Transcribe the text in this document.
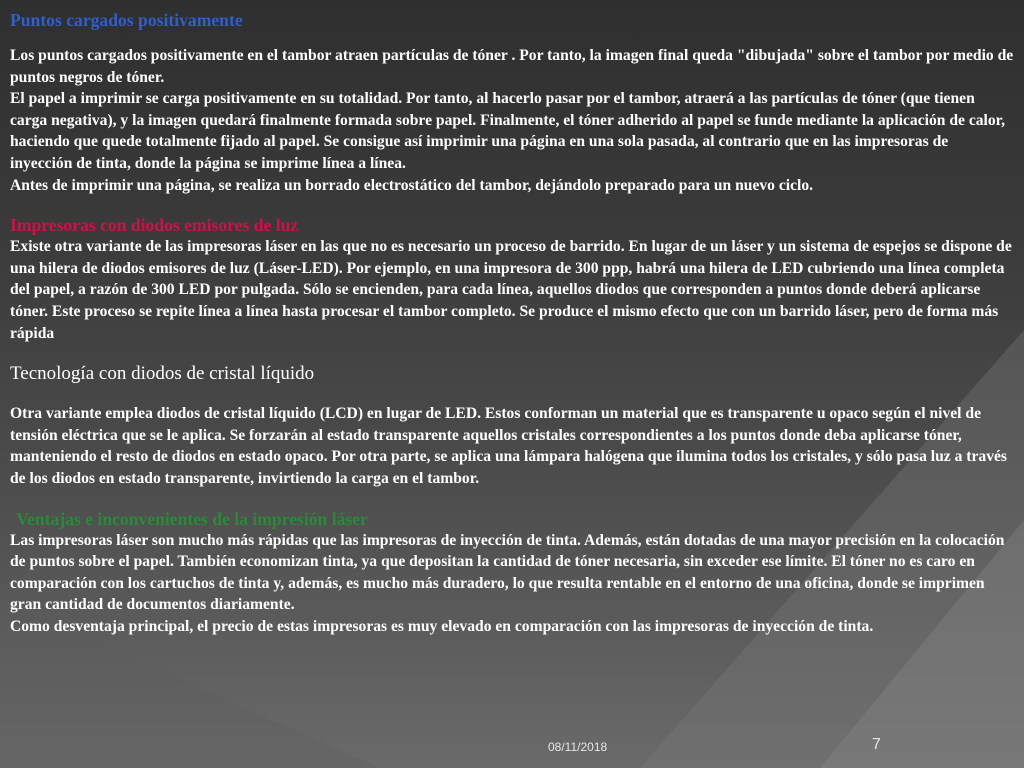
Puntos cargados positivamente

Los puntos cargados positivamente en el tambor atraen partículas de tóner . Por tanto, la imagen final queda "dibujada" sobre el tambor por medio de puntos negros de tóner.

El papel a imprimir se carga positivamente en su totalidad. Por tanto, al hacerlo pasar por el tambor, atraerá a las partículas de tóner (que tienen carga negativa), y la imagen quedará finalmente formada sobre papel. Finalmente, el tóner adherido al papel se funde mediante la aplicación de calor, haciendo que quede totalmente fijado al papel. Se consigue así imprimir una página en una sola pasada, al contrario que en las impresoras de inyección de tinta, donde la página se imprime línea a línea.

Antes de imprimir una página, se realiza un borrado electrostático del tambor, dejándolo preparado para un nuevo ciclo.

Impresoras con diodos emisores de luz

Existe otra variante de las impresoras láser en las que no es necesario un proceso de barrido. En lugar de un láser y un sistema de espejos se dispone de una hilera de diodos emisores de luz (Láser-LED). Por ejemplo, en una impresora de 300 ppp, habrá una hilera de LED cubriendo una línea completa del papel, a razón de 300 LED por pulgada. Sólo se encienden, para cada línea, aquellos diodos que corresponden a puntos donde deberá aplicarse tóner. Este proceso se repite línea a línea hasta procesar el tambor completo. Se produce el mismo efecto que con un barrido láser, pero de forma más rápida

Tecnología con diodos de cristal líquido

Otra variante emplea diodos de cristal líquido (LCD) en lugar de LED. Estos conforman un material que es transparente u opaco según el nivel de tensión eléctrica que se le aplica. Se forzarán al estado transparente aquellos cristales correspondientes a los puntos donde deba aplicarse tóner, manteniendo el resto de diodos en estado opaco. Por otra parte, se aplica una lámpara halógena que ilumina todos los cristales, y sólo pasa luz a través de los diodos en estado transparente, invirtiendo la carga en el tambor.

Ventajas e inconvenientes de la impresión láser

Las impresoras láser son mucho más rápidas que las impresoras de inyección de tinta. Además, están dotadas de una mayor precisión en la colocación de puntos sobre el papel. También economizan tinta, ya que depositan la cantidad de tóner necesaria, sin exceder ese límite. El tóner no es caro en comparación con los cartuchos de tinta y, además, es mucho más duradero, lo que resulta rentable en el entorno de una oficina, donde se imprimen gran cantidad de documentos diariamente.

Como desventaja principal, el precio de estas impresoras es muy elevado en comparación con las impresoras de inyección de tinta.

08/11/2018	7
